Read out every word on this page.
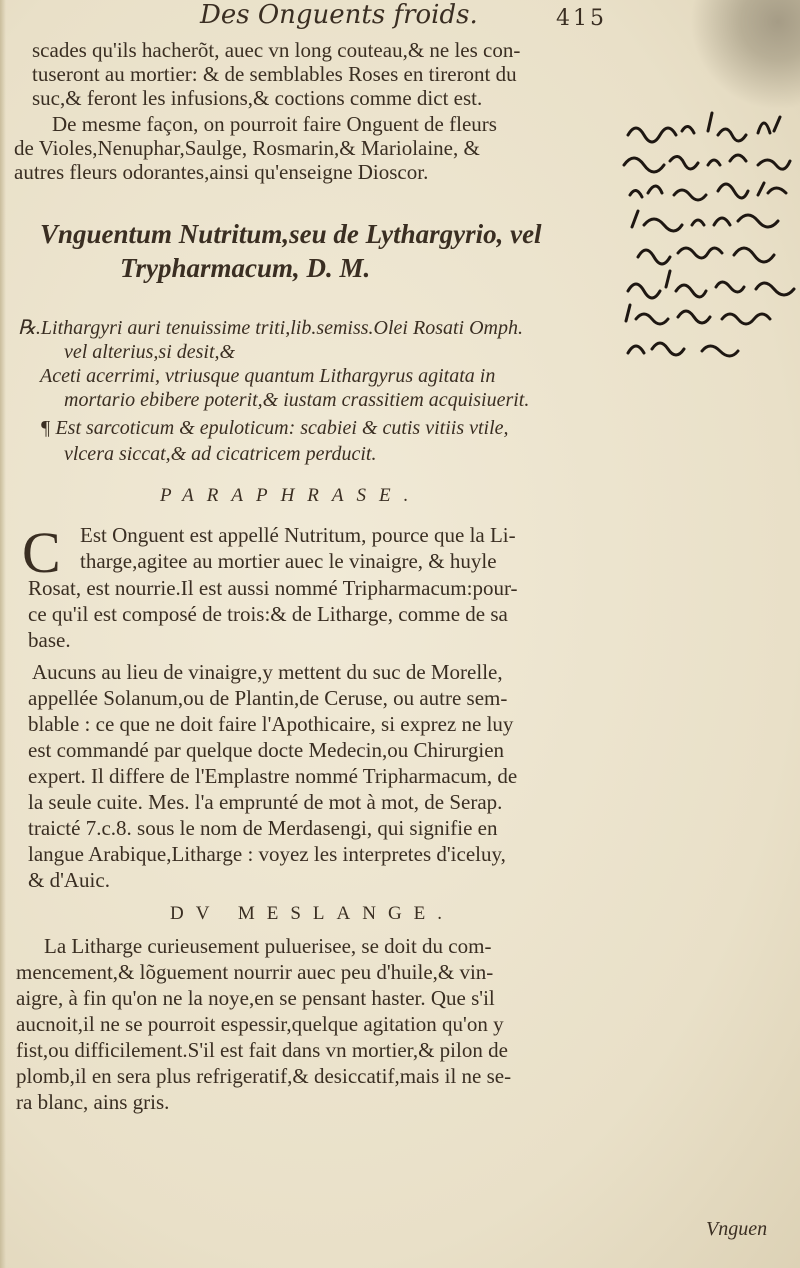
Des Onguents froids.	415
scades qu'ils hacherõt, auec vn long couteau,& ne les con-
tuseront au mortier: & de semblables Roses en tireront du
suc,& feront les infusions,& coctions comme dict est.
De mesme façon, on pourroit faire Onguent de fleurs
de Violes,Nenuphar,Saulge, Rosmarin,& Mariolaine, &
autres fleurs odorantes,ainsi qu'enseigne Dioscor.
Vnguentum Nutritum,seu de Lythargyrio, vel
Trypharmacum, D. M.
℞.Lithargyri auri tenuissime triti,lib.semiss.Olei Rosati Omph.
vel alterius,si desit,&
Aceti acerrimi, vtriusque quantum Lithargyrus agitata in
mortario ebibere poterit,& iustam crassitiem acquisiuerit.
¶ Est sarcoticum & epuloticum: scabiei & cutis vitiis vtile,
vlcera siccat,& ad cicatricem perducit.
PARAPHRASE.
C Est Onguent est appellé Nutritum, pource que la Li-
tharge,agitee au mortier auec le vinaigre, & huyle
Rosat, est nourrie.Il est aussi nommé Tripharmacum:pour-
ce qu'il est composé de trois:& de Litharge, comme de sa
base.
Aucuns au lieu de vinaigre,y mettent du suc de Morelle,
appellée Solanum,ou de Plantin,de Ceruse, ou autre sem-
blable : ce que ne doit faire l'Apothicaire, si exprez ne luy
est commandé par quelque docte Medecin,ou Chirurgien
expert. Il differe de l'Emplastre nommé Tripharmacum, de
la seule cuite. Mes. l'a emprunté de mot à mot, de Serap.
traicté 7.c.8. sous le nom de Merdasengi, qui signifie en
langue Arabique,Litharge : voyez les interpretes d'iceluy,
& d'Auic.
DV MESLANGE.
La Litharge curieusement puluerisee, se doit du com-
mencement,& lõguement nourrir auec peu d'huile,& vin-
aigre, à fin qu'on ne la noye,en se pensant haster. Que s'il
aucnoit,il ne se pourroit espessir,quelque agitation qu'on y
fist,ou difficilement.S'il est fait dans vn mortier,& pilon de
plomb,il en sera plus refrigeratif,& desiccatif,mais il ne se-
ra blanc, ains gris.
Vnguen
